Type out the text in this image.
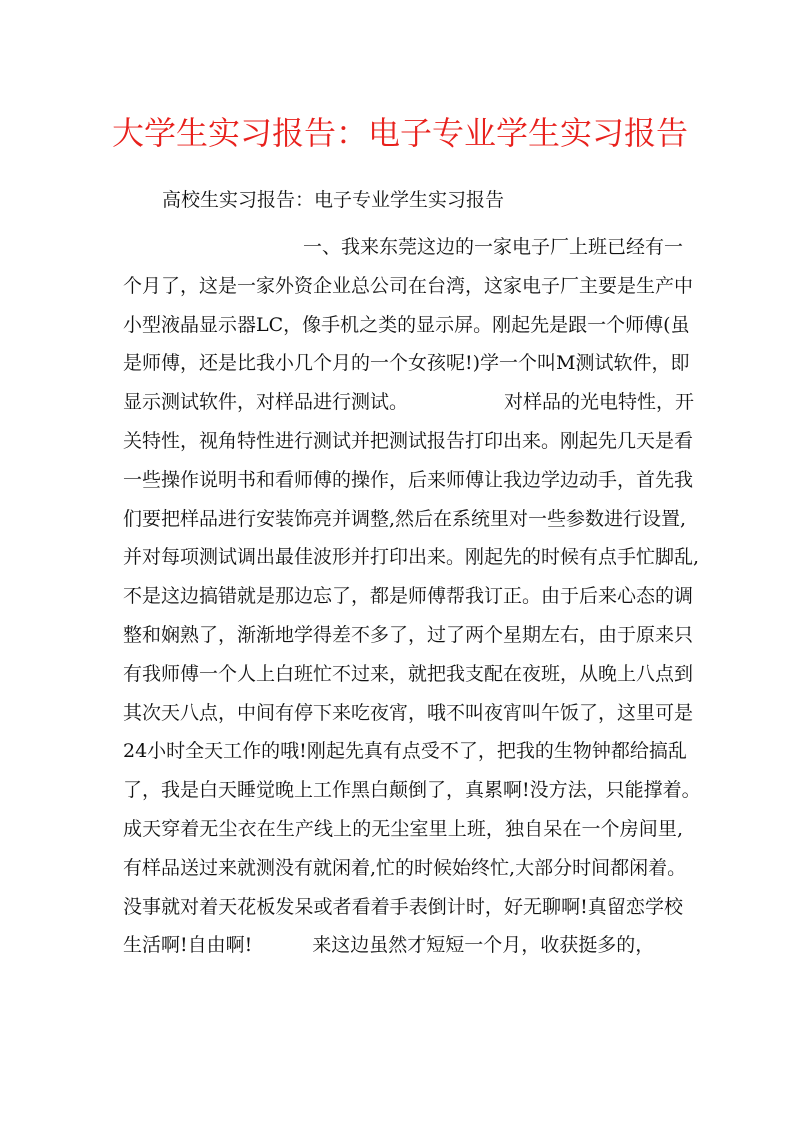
大学生实习报告：电子专业学生实习报告
高校生实习报告：电子专业学生实习报告
一、我来东莞这边的一家电子厂上班已经有一
个月了，这是一家外资企业总公司在台湾，这家电子厂主要是生产中
小型液晶显示器LC，像手机之类的显示屏。刚起先是跟一个师傅(虽
是师傅，还是比我小几个月的一个女孩呢!)学一个叫M测试软件，即
显示测试软件，对样品进行测试。	对样品的光电特性，开
关特性，视角特性进行测试并把测试报告打印出来。刚起先几天是看
一些操作说明书和看师傅的操作，后来师傅让我边学边动手，首先我
们要把样品进行安装饰亮并调整,然后在系统里对一些参数进行设置,
并对每项测试调出最佳波形并打印出来。刚起先的时候有点手忙脚乱,
不是这边搞错就是那边忘了，都是师傅帮我订正。由于后来心态的调
整和娴熟了，渐渐地学得差不多了，过了两个星期左右，由于原来只
有我师傅一个人上白班忙不过来，就把我支配在夜班，从晚上八点到
其次天八点，中间有停下来吃夜宵，哦不叫夜宵叫午饭了，这里可是
24小时全天工作的哦!刚起先真有点受不了，把我的生物钟都给搞乱
了，我是白天睡觉晚上工作黑白颠倒了，真累啊!没方法，只能撑着。
成天穿着无尘衣在生产线上的无尘室里上班，独自呆在一个房间里,
有样品送过来就测没有就闲着,忙的时候始终忙,大部分时间都闲着。
没事就对着天花板发呆或者看着手表倒计时，好无聊啊!真留恋学校
生活啊!自由啊!	来这边虽然才短短一个月，收获挺多的，
